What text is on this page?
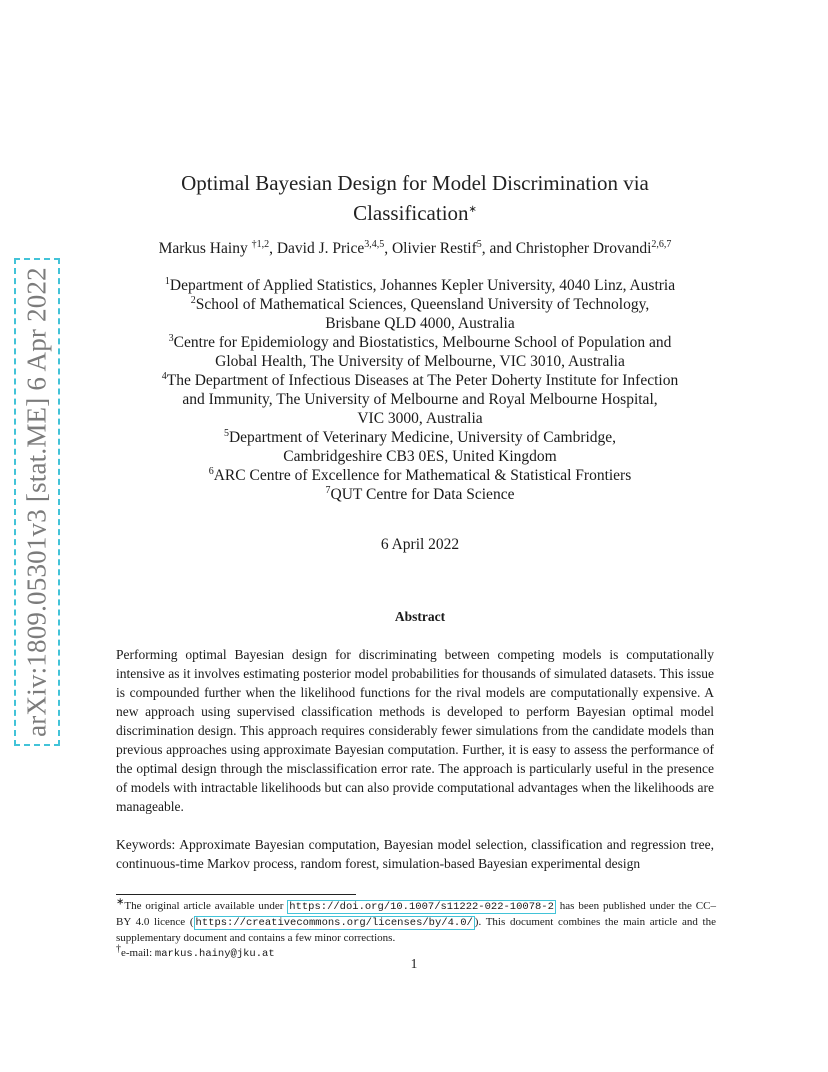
arXiv:1809.05301v3 [stat.ME] 6 Apr 2022
Optimal Bayesian Design for Model Discrimination via
Classification∗
Markus Hainy $^{\dagger 1,2}$, David J. Price$^{3,4,5}$, Olivier Restif$^5$, and Christopher Drovandi$^{2,6,7}$
$^1$Department of Applied Statistics, Johannes Kepler University, 4040 Linz, Austria
$^2$School of Mathematical Sciences, Queensland University of Technology,
Brisbane QLD 4000, Australia
$^3$Centre for Epidemiology and Biostatistics, Melbourne School of Population and
Global Health, The University of Melbourne, VIC 3010, Australia
$^4$The Department of Infectious Diseases at The Peter Doherty Institute for Infection
and Immunity, The University of Melbourne and Royal Melbourne Hospital,
VIC 3000, Australia
$^5$Department of Veterinary Medicine, University of Cambridge,
Cambridgeshire CB3 0ES, United Kingdom
$^6$ARC Centre of Excellence for Mathematical & Statistical Frontiers
$^7$QUT Centre for Data Science
6 April 2022
Abstract
Performing optimal Bayesian design for discriminating between competing models is computationally intensive as it involves estimating posterior model probabilities for thousands of simulated datasets. This issue is compounded further when the likelihood functions for the rival models are computationally expensive. A new approach using supervised classification methods is developed to perform Bayesian optimal model discrimination design. This approach requires considerably fewer simulations from the candidate models than previous approaches using approximate Bayesian computation. Further, it is easy to assess the performance of the optimal design through the misclassification error rate. The approach is particularly useful in the presence of models with intractable likelihoods but can also provide computational advantages when the likelihoods are manageable.
Keywords: Approximate Bayesian computation, Bayesian model selection, classification and regression tree, continuous-time Markov process, random forest, simulation-based Bayesian experimental design
∗The original article available under https://doi.org/10.1007/s11222-022-10078-2 has been published under the CC–BY 4.0 licence ( https://creativecommons.org/licenses/by/4.0/ ). This document combines the main article and the supplementary document and contains a few minor corrections.
†e-mail: markus.hainy@jku.at
1
